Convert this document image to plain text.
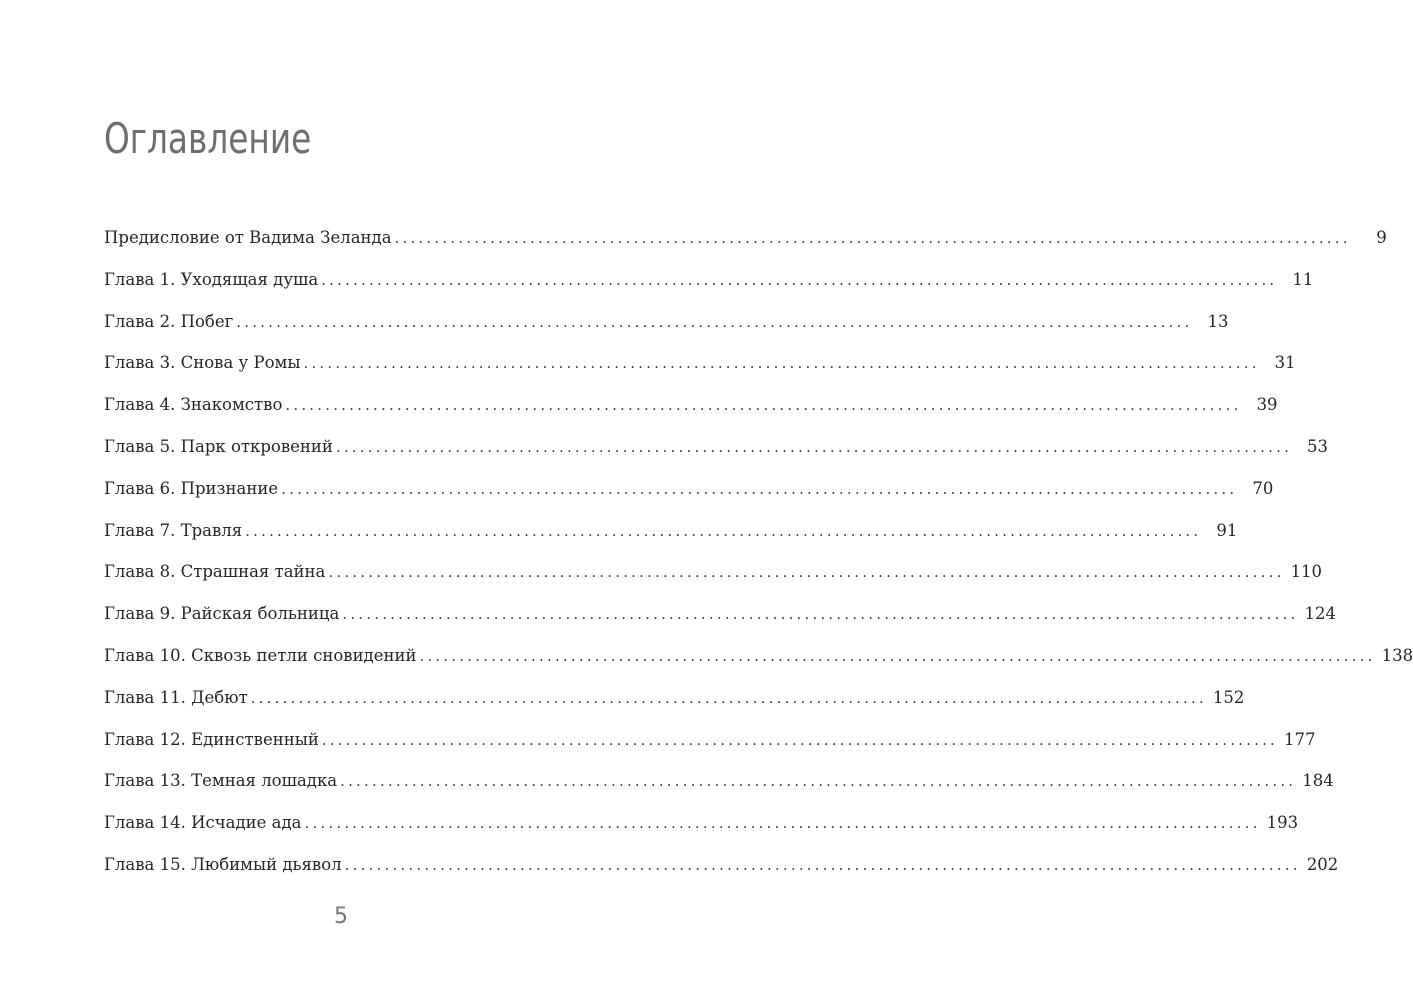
Оглавление
Предисловие от Вадима Зеланда ........................................................................................................................	9
Глава 1. Уходящая душа ........................................................................................................................ 11
Глава 2. Побег ........................................................................................................................ 13
Глава 3. Снова у Ромы ........................................................................................................................ 31
Глава 4. Знакомство ........................................................................................................................ 39
Глава 5. Парк откровений ........................................................................................................................ 53
Глава 6. Признание ........................................................................................................................ 70
Глава 7. Травля ........................................................................................................................ 91
Глава 8. Страшная тайна ........................................................................................................................ 110
Глава 9. Райская больница ........................................................................................................................ 124
Глава 10. Сквозь петли сновидений ........................................................................................................................ 138
Глава 11. Дебют ........................................................................................................................ 152
Глава 12. Единственный ........................................................................................................................ 177
Глава 13. Темная лошадка ........................................................................................................................ 184
Глава 14. Исчадие ада ........................................................................................................................ 193
Глава 15. Любимый дьявол ........................................................................................................................ 202

5
